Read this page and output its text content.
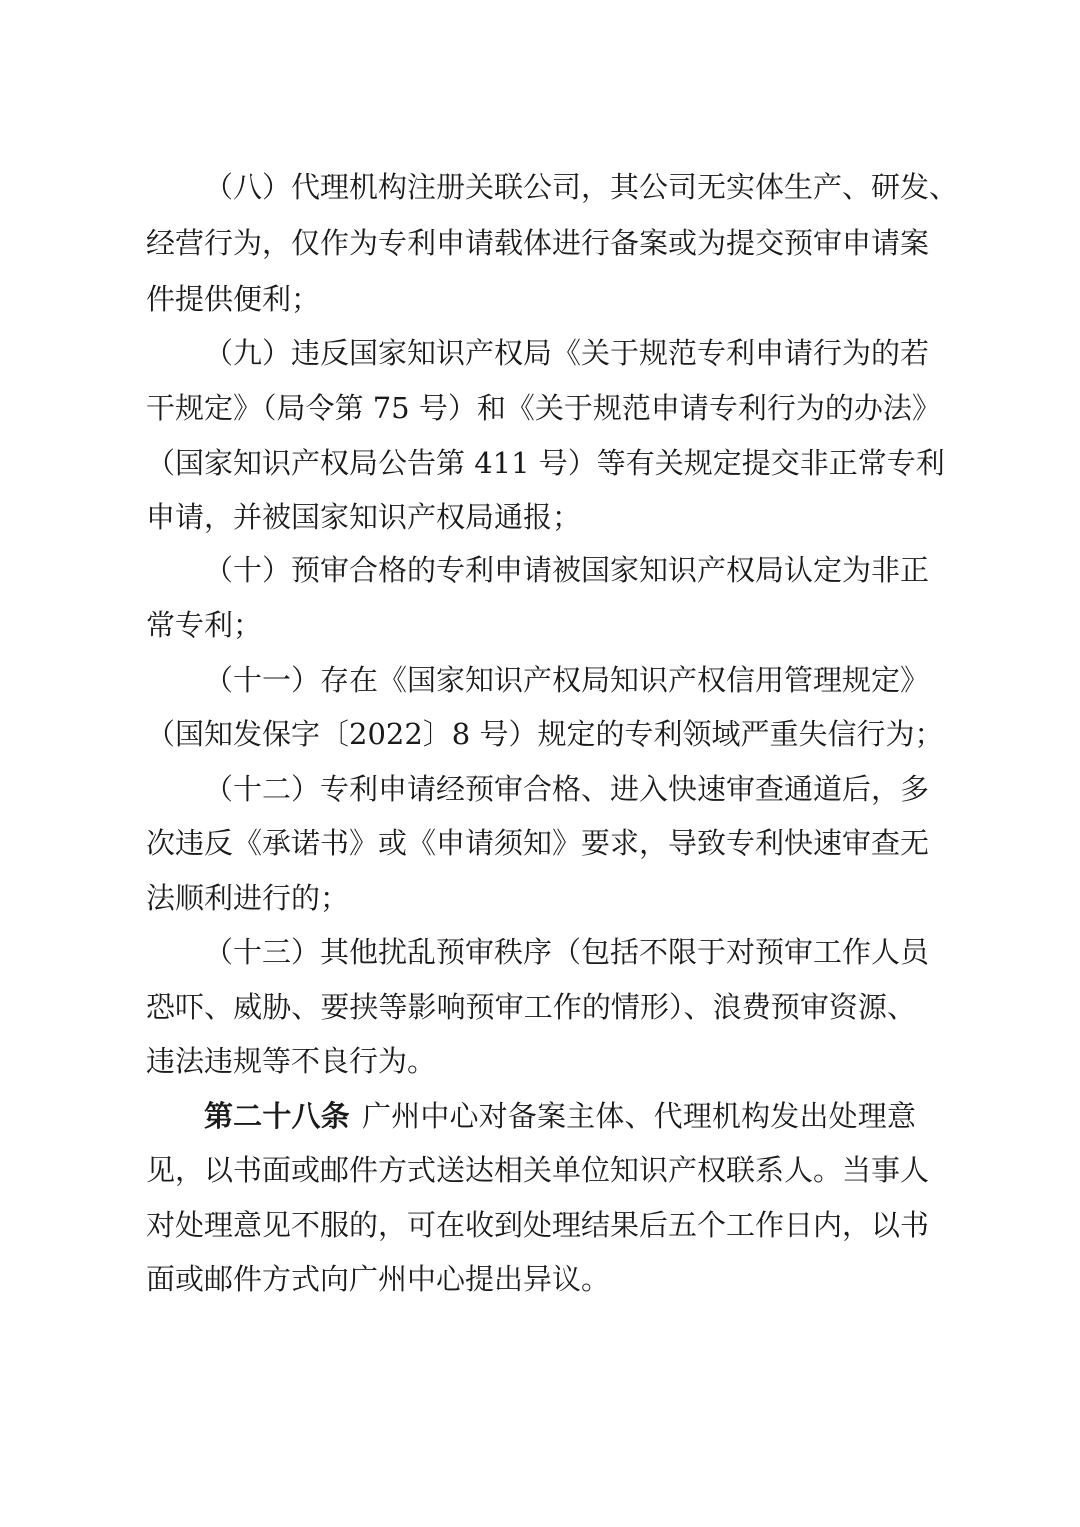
（八）代理机构注册关联公司，其公司无实体生产、研发、
经营行为，仅作为专利申请载体进行备案或为提交预审申请案
件提供便利；
（九）违反国家知识产权局《关于规范专利申请行为的若
干规定》（局令第 75 号）和《关于规范申请专利行为的办法》
（国家知识产权局公告第 411 号）等有关规定提交非正常专利
申请，并被国家知识产权局通报；
（十）预审合格的专利申请被国家知识产权局认定为非正
常专利；
（十一）存在《国家知识产权局知识产权信用管理规定》
（国知发保字〔2022〕8 号）规定的专利领域严重失信行为；
（十二）专利申请经预审合格、进入快速审查通道后，多
次违反《承诺书》或《申请须知》要求，导致专利快速审查无
法顺利进行的；
（十三）其他扰乱预审秩序（包括不限于对预审工作人员
恐吓、威胁、要挟等影响预审工作的情形）、浪费预审资源、
违法违规等不良行为。
第二十八条 广州中心对备案主体、代理机构发出处理意
见，以书面或邮件方式送达相关单位知识产权联系人。当事人
对处理意见不服的，可在收到处理结果后五个工作日内，以书
面或邮件方式向广州中心提出异议。
